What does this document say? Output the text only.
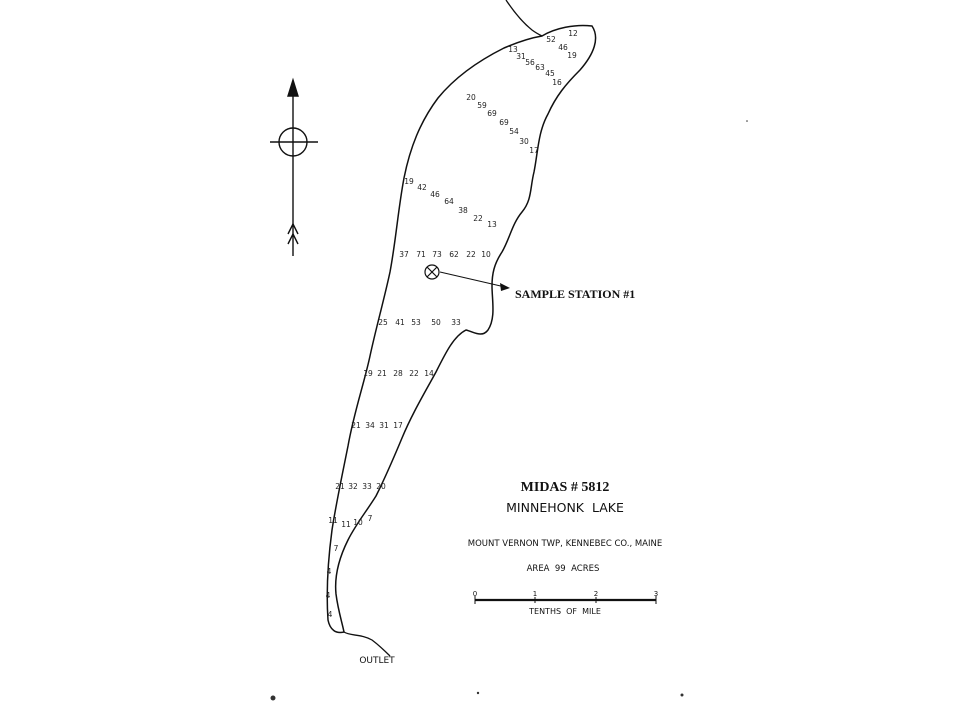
SAMPLE STATION #1
13
31
56
63
45
16
52
46
19
12
20
59
69
69
54
30
17
19
42
46
64
38
22
13
37 71 73 62 22 10
25 41 53 50 33
19 21 28 22 14
21 34 31 17
21 32 33 20
11 11 10 7
7
4
4
4
MIDAS # 5812
MINNEHONK  LAKE
MOUNT VERNON TWP, KENNEBEC CO., MAINE
AREA  99  ACRES
0	1	2	3
TENTHS  OF  MILE
OUTLET
